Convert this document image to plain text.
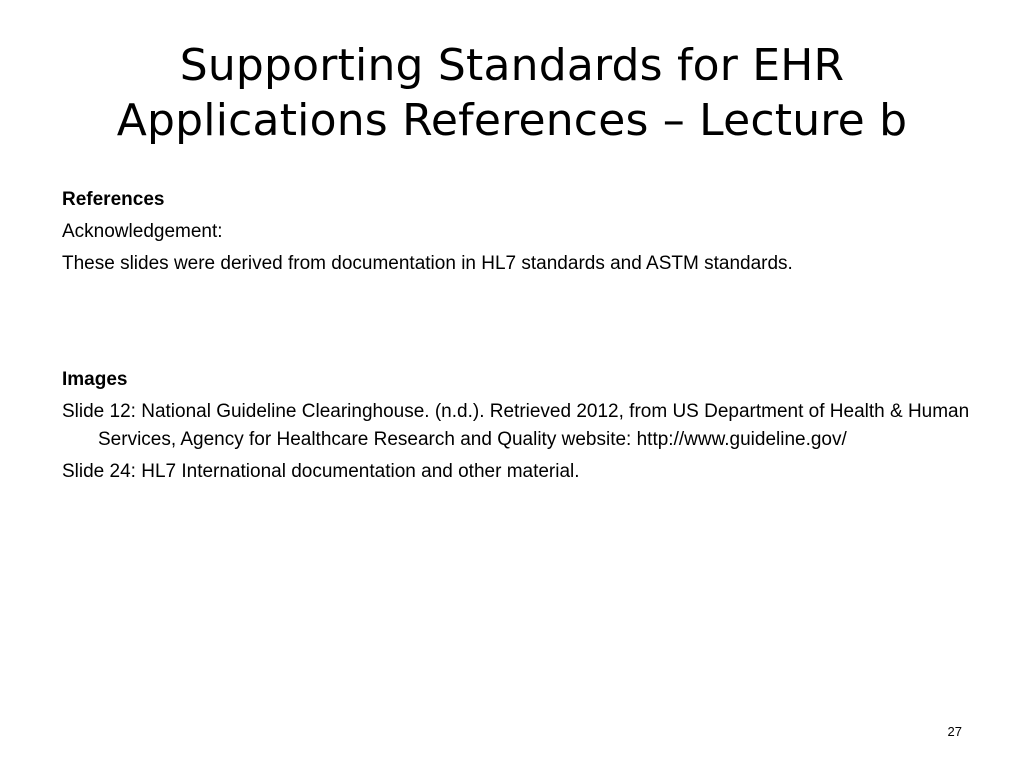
Supporting Standards for EHR
Applications References – Lecture b

References

Acknowledgement:

These slides were derived from documentation in HL7 standards and ASTM standards.

Images

Slide 12: National Guideline Clearinghouse. (n.d.). Retrieved 2012, from US Department of Health & Human Services, Agency for Healthcare Research and Quality website: http://www.guideline.gov/

Slide 24: HL7 International documentation and other material.

27
